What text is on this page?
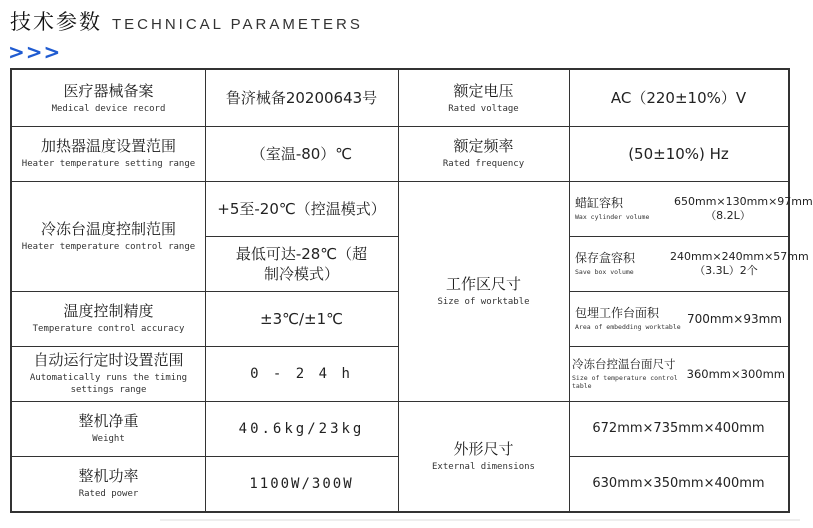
技术参数 TECHNICAL PARAMETERS
>>>
医疗器械备案
Medical device record
鲁济械备20200643号
加热器温度设置范围
Heater temperature setting range
（室温-80）℃
冷冻台温度控制范围
Heater temperature control range
+5至-20℃（控温模式）
最低可达-28℃（超制冷模式）
温度控制精度
Temperature control accuracy
±3℃/±1℃
自动运行定时设置范围
Automatically runs the timing settings range
0 - 2 4 h
整机净重
Weight
40.6kg/23kg
整机功率
Rated power
1100W/300W
额定电压
Rated voltage
AC（220±10%）V
额定频率
Rated frequency
(50±10%) Hz
工作区尺寸
Size of worktable
蜡缸容积
Wax cylinder volume
650mm×130mm×97mm（8.2L）
保存盒容积
Save box volume
240mm×240mm×57mm（3.3L）2个
包埋工作台面积
Area of embedding worktable
700mm×93mm
冷冻台控温台面尺寸
Size of temperature control table
360mm×300mm
外形尺寸
External dimensions
672mm×735mm×400mm
630mm×350mm×400mm
